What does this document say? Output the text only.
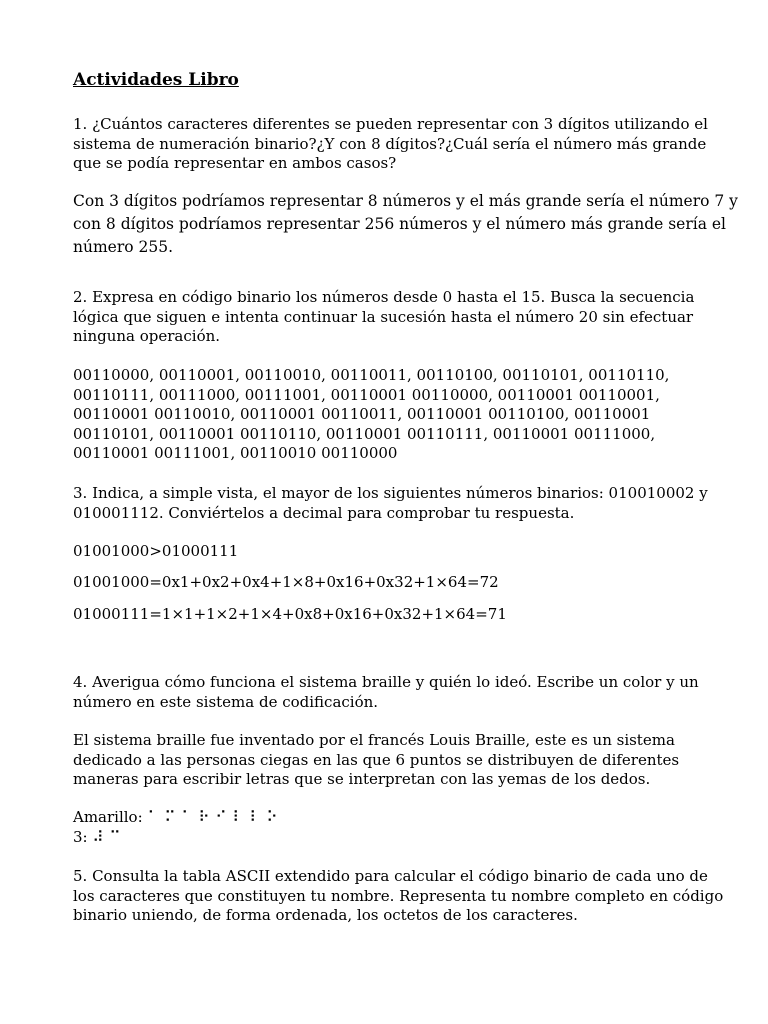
Actividades Libro
1. ¿Cuántos caracteres diferentes se pueden representar con 3 dígitos utilizando el
sistema de numeración binario?¿Y con 8 dígitos?¿Cuál sería el número más grande
que se podía representar en ambos casos?
Con 3 dígitos podríamos representar 8 números y el más grande sería el número 7 y
con 8 dígitos podríamos representar 256 números y el número más grande sería el
número 255.
2. Expresa en código binario los números desde 0 hasta el 15. Busca la secuencia
lógica que siguen e intenta continuar la sucesión hasta el número 20 sin efectuar
ninguna operación.
00110000, 00110001, 00110010, 00110011, 00110100, 00110101, 00110110,
00110111, 00111000, 00111001, 00110001 00110000, 00110001 00110001,
00110001 00110010, 00110001 00110011, 00110001 00110100, 00110001
00110101, 00110001 00110110, 00110001 00110111, 00110001 00111000,
00110001 00111001, 00110010 00110000
3. Indica, a simple vista, el mayor de los siguientes números binarios: 010010002 y
010001112. Conviértelos a decimal para comprobar tu respuesta.
01001000>01000111
01001000=0x1+0x2+0x4+1×8+0x16+0x32+1×64=72
01000111=1×1+1×2+1×4+0x8+0x16+0x32+1×64=71
4. Averigua cómo funciona el sistema braille y quién lo ideó. Escribe un color y un
número en este sistema de codificación.
El sistema braille fue inventado por el francés Louis Braille, este es un sistema
dedicado a las personas ciegas en las que 6 puntos se distribuyen de diferentes
maneras para escribir letras que se interpretan con las yemas de los dedos.
Amarillo: ⠁⠍⠁⠗⠊⠇⠇⠕
3: ⠼⠉
5. Consulta la tabla ASCII extendido para calcular el código binario de cada uno de
los caracteres que constituyen tu nombre. Representa tu nombre completo en código
binario uniendo, de forma ordenada, los octetos de los caracteres.
